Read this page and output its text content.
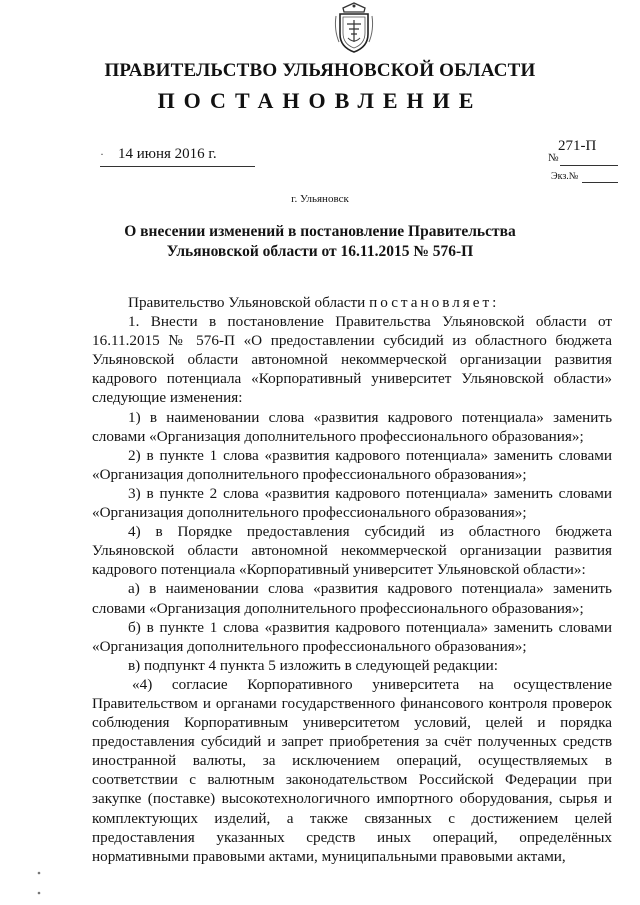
ПРАВИТЕЛЬСТВО УЛЬЯНОВСКОЙ ОБЛАСТИ
ПОСТАНОВЛЕНИЕ
· 14 июня 2016 г.	271-П
№
Экз.№
г. Ульяновск
О внесении изменений в постановление Правительства
Ульяновской области от 16.11.2015 № 576-П

Правительство Ульяновской области постановляет:

1. Внести в постановление Правительства Ульяновской области от 16.11.2015 № 576-П «О предоставлении субсидий из областного бюджета Ульяновской области автономной некоммерческой организации развития кадрового потенциала «Корпоративный университет Ульяновской области» следующие изменения:

1) в наименовании слова «развития кадрового потенциала» заменить словами «Организация дополнительного профессионального образования»;

2) в пункте 1 слова «развития кадрового потенциала» заменить словами «Организация дополнительного профессионального образования»;

3) в пункте 2 слова «развития кадрового потенциала» заменить словами «Организация дополнительного профессионального образования»;

4) в Порядке предоставления субсидий из областного бюджета Ульяновской области автономной некоммерческой организации развития кадрового потенциала «Корпоративный университет Ульяновской области»:

а) в наименовании слова «развития кадрового потенциала» заменить словами «Организация дополнительного профессионального образования»;

б) в пункте 1 слова «развития кадрового потенциала» заменить словами «Организация дополнительного профессионального образования»;

в) подпункт 4 пункта 5 изложить в следующей редакции:

«4) согласие Корпоративного университета на осуществление Правительством и органами государственного финансового контроля проверок соблюдения Корпоративным университетом условий, целей и порядка предоставления субсидий и запрет приобретения за счёт полученных средств иностранной валюты, за исключением операций, осуществляемых в соответствии с валютным законодательством Российской Федерации при закупке (поставке) высокотехнологичного импортного оборудования, сырья и комплектующих изделий, а также связанных с достижением целей предоставления указанных средств иных операций, определённых нормативными правовыми актами, муниципальными правовыми актами,
